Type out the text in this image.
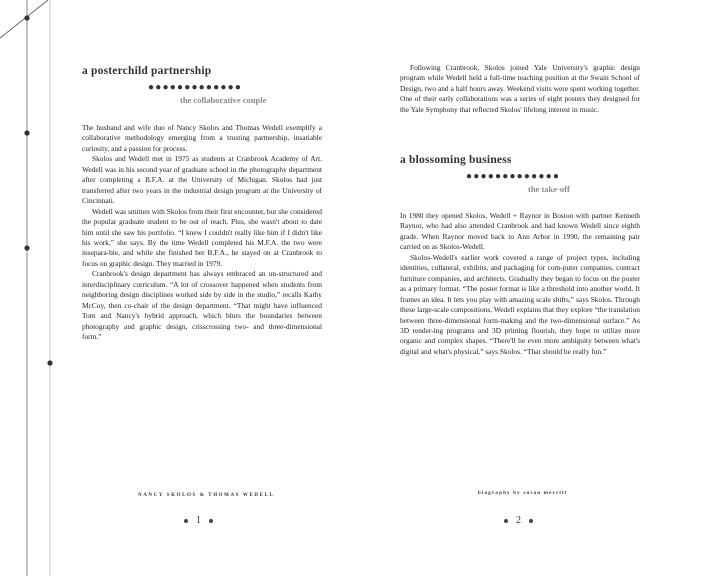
a posterchild partnership
●●●●●●●●●●●●●
the collaborative couple

The husband and wife duo of Nancy Skolos and Thomas Wedell exemplify a collaborative methodology emerging from a trusting partnership, insatiable curiosity, and a passion for process.

Skolos and Wedell met in 1975 as students at Cranbrook Academy of Art. Wedell was in his second year of graduate school in the photography department after completing a B.F.A. at the University of Michigan. Skolos had just transferred after two years in the industrial design program at the University of Cincinnati.

Wedell was smitten with Skolos from their first encounter, but she considered the popular graduate student to be out of reach. Plus, she wasn't about to date him until she saw his portfolio. “I knew I couldn't really like him if I didn't like his work,” she says. By the time Wedell completed his M.F.A. the two were insepara-ble, and while she finished her B.F.A., he stayed on at Cranbrook to focus on graphic design. They married in 1979.

Cranbrook's design department has always embraced an un-structured and interdisciplinary curriculum. “A lot of crossover happened when students from neighboring design disciplines worked side by side in the studio,” recalls Kathy McCoy, then co-chair of the design department. “That might have influenced Tom and Nancy's hybrid approach, which blurs the boundaries between photography and graphic design, crisscrossing two- and three-dimensional form.”

NANCY SKOLOS & THOMAS WEDELL
1

Following Cranbrook, Skolos joined Yale University's graphic design program while Wedell held a full-time teaching position at the Swain School of Design, two and a half hours away. Weekend visits were spent working together. One of their early collaborations was a series of eight posters they designed for the Yale Symphony that reflected Skolos' lifelong interest in music.

a blossoming business
●●●●●●●●●●●●●
the take-off

In 1980 they opened Skolos, Wedell + Raynor in Boston with partner Kenneth Raynor, who had also attended Cranbrook and had known Wedell since eighth grade. When Raynor moved back to Ann Arbor in 1990, the remaining pair carried on as Skolos-Wedell.

Skolos-Wedell's earlier work covered a range of project types, including identities, collateral, exhibits, and packaging for com-puter companies, contract furniture companies, and architects. Gradually they began to focus on the poster as a primary format. “The poster format is like a threshold into another world. It frames an idea. It lets you play with amazing scale shifts,” says Skolos. Through these large-scale compositions, Wedell explains that they explore “the translation between three-dimensional form-making and the two-dimensional surface.” As 3D render-ing programs and 3D printing flourish, they hope to utilize more organic and complex shapes. “There'll be even more ambiguity between what's digital and what's physical,” says Skolos. “That should be really fun.”

biography by susan merritt
2
